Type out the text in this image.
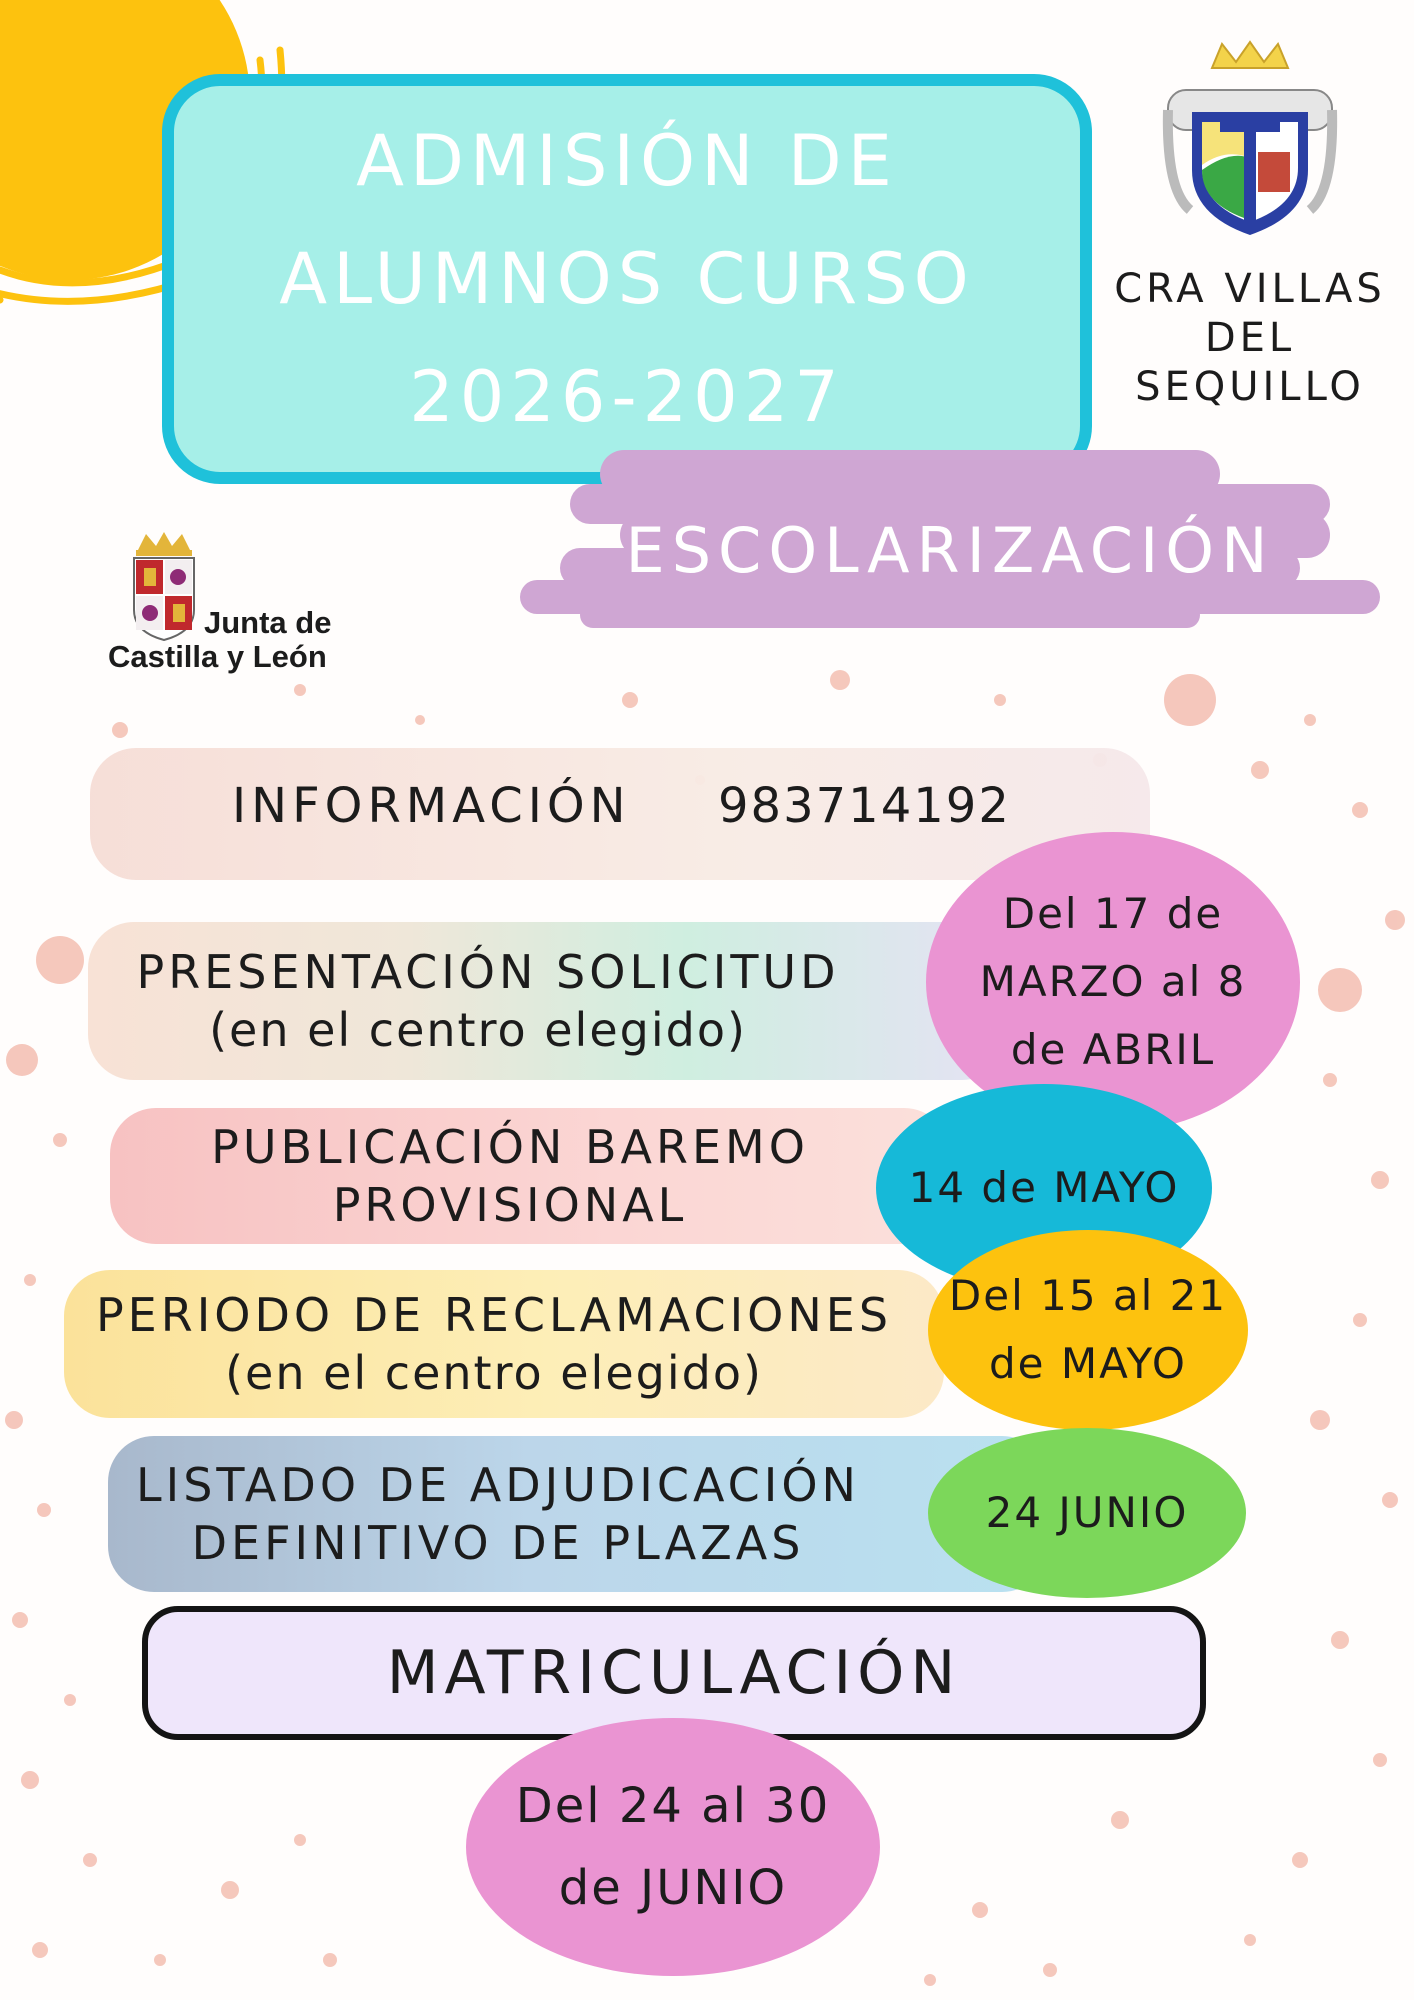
ADMISIÓN DE
ALUMNOS CURSO
2026-2027
CRA VILLAS
DEL
SEQUILLO
ESCOLARIZACIÓN
Junta de
Castilla y León
INFORMACIÓN 983714192
PRESENTACIÓN SOLICITUD
(en el centro elegido)
Del 17 de
MARZO al 8
de ABRIL
PUBLICACIÓN BAREMO
PROVISIONAL	14 de MAYO
PERIODO DE RECLAMACIONES
(en el centro elegido)
Del 15 al 21
de MAYO
LISTADO DE ADJUDICACIÓN
DEFINITIVO DE PLAZAS
24 JUNIO
MATRICULACIÓN
Del 24 al 30
de JUNIO
